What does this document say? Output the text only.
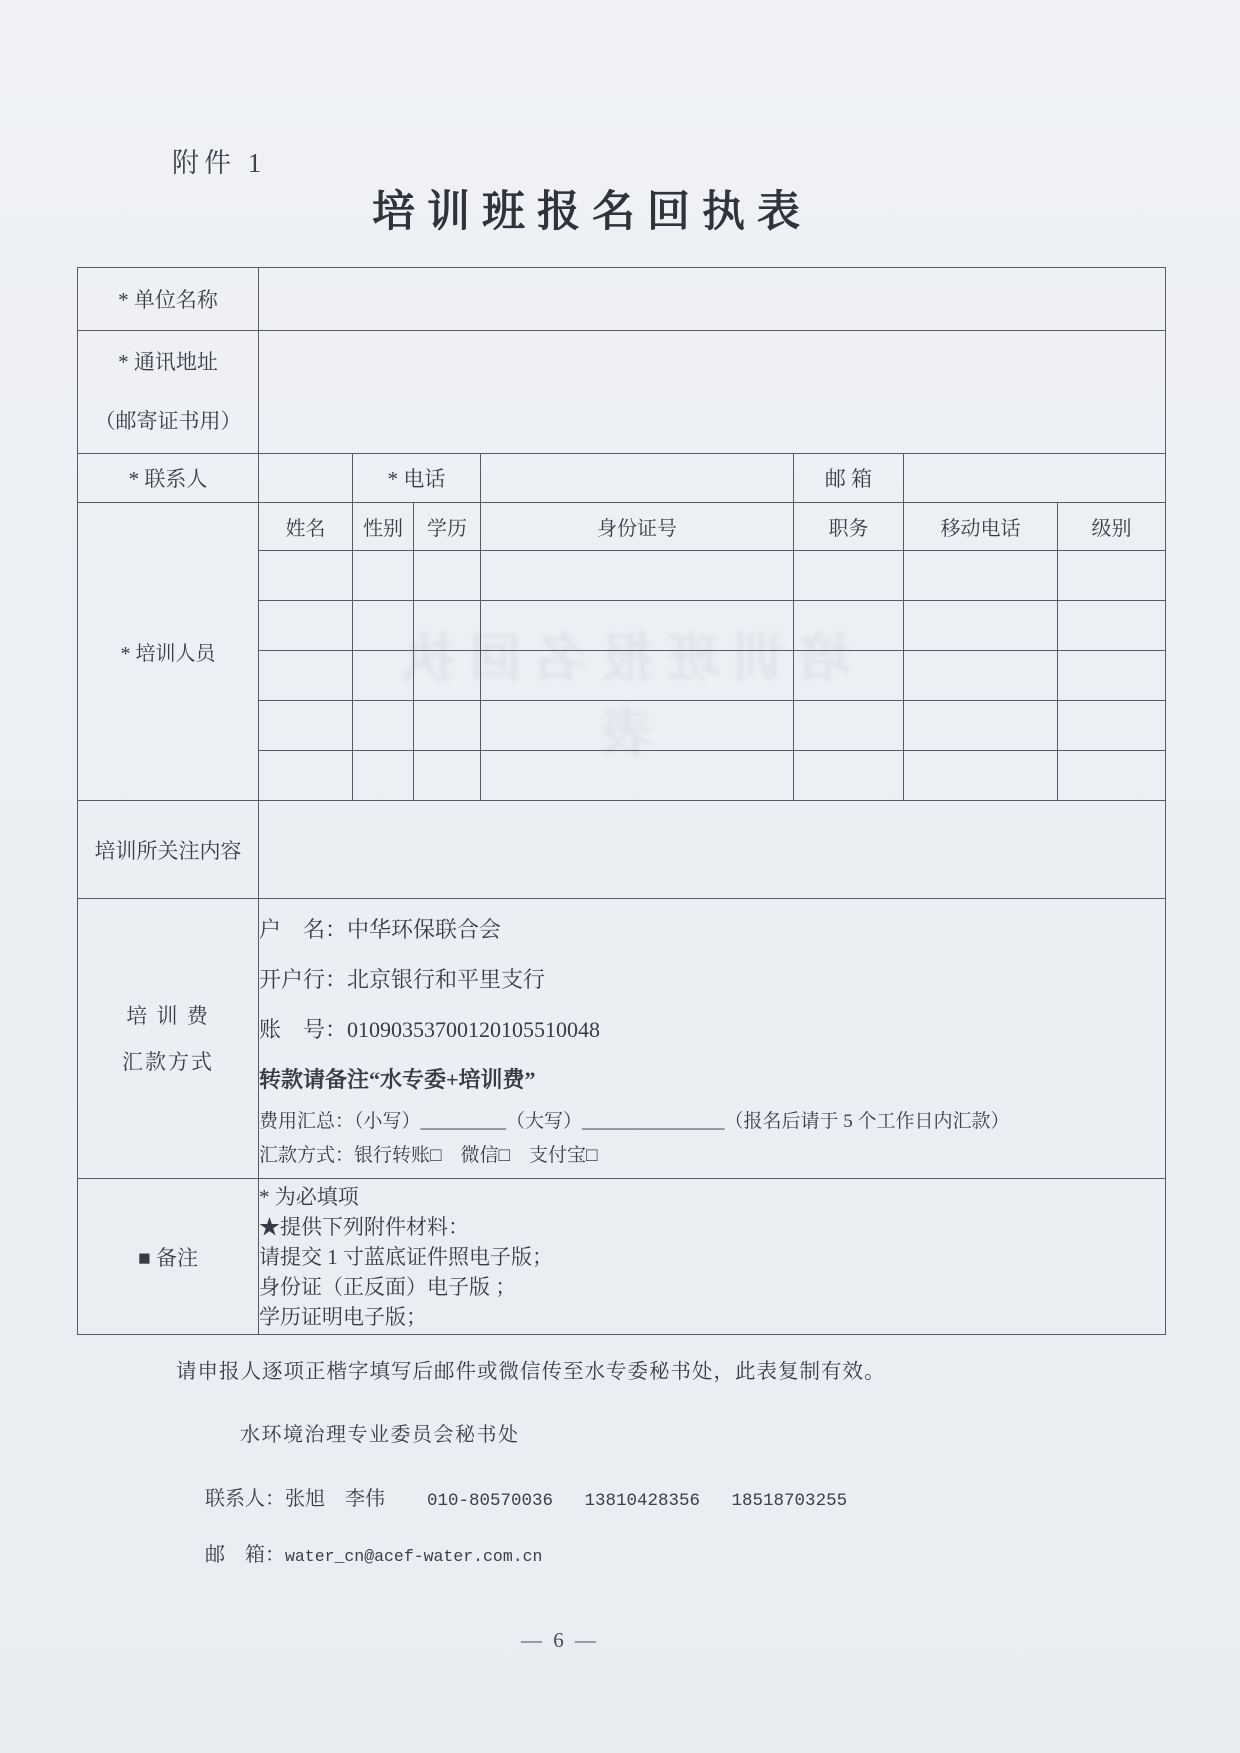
附件 1
培训班报名回执表
培训班报名回执表
* 单位名称							

* 通讯地址
（邮寄证书用）							

* 联系人		* 电话			邮 箱		
* 培训人员	姓名	性别	学历	身份证号	职务	移动电话	级别

培训所关注内容							

培 训 费
汇款方式

户　名：中华环保联合会
开户行：北京银行和平里支行
账　号：01090353700120105510048
转款请备注“水专委+培训费”
费用汇总：（小写）_________（大写）_______________（报名后请于 5 个工作日内汇款）
汇款方式：银行转账□　微信□　支付宝□

■ 备注	* 为必填项
★提供下列附件材料：
请提交 1 寸蓝底证件照电子版；
身份证（正反面）电子版 ；
学历证明电子版；						
请申报人逐项正楷字填写后邮件或微信传至水专委秘书处，此表复制有效。
水环境治理专业委员会秘书处
联系人：张旭　李伟 010-80570036   13810428356   18518703255
邮　箱：water_cn@acef-water.com.cn
— 6 —
